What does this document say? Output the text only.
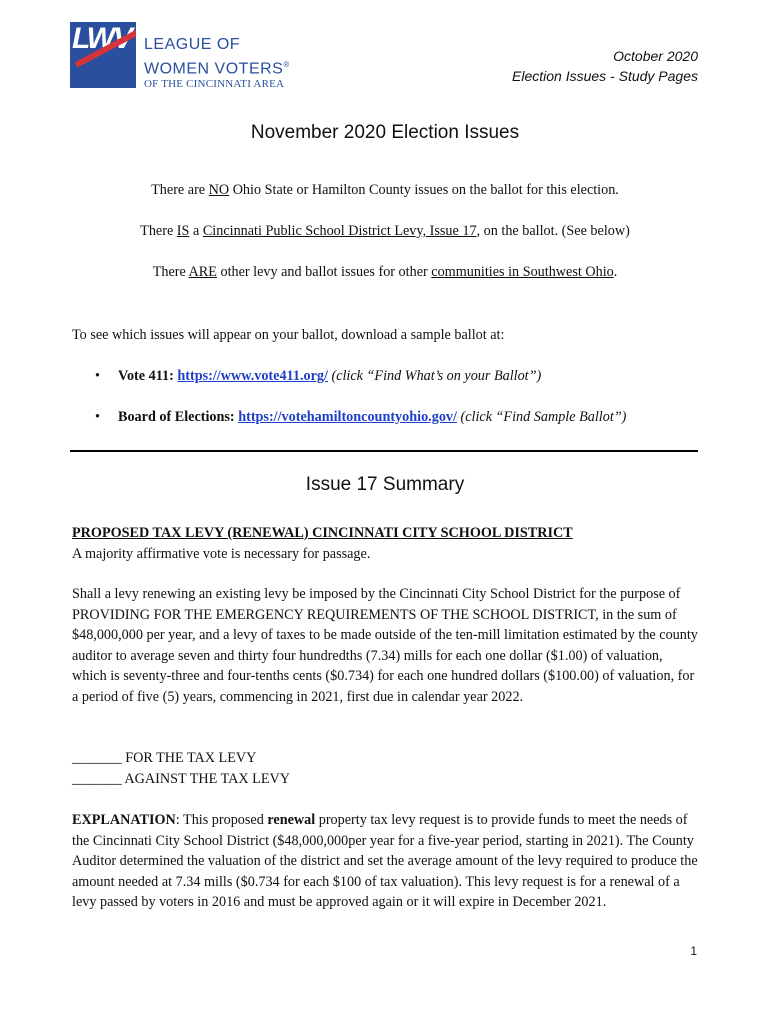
LWV LEAGUE OF
WOMEN VOTERS®
OF THE CINCINNATI AREA
October 2020
Election Issues - Study Pages
November 2020 Election Issues
There are NO Ohio State or Hamilton County issues on the ballot for this election.
There IS a Cincinnati Public School District Levy, Issue 17, on the ballot. (See below)
There ARE other levy and ballot issues for other communities in Southwest Ohio.
To see which issues will appear on your ballot, download a sample ballot at:
• Vote 411: https://www.vote411.org/ (click “Find What’s on your Ballot”)
• Board of Elections: https://votehamiltoncountyohio.gov/ (click “Find Sample Ballot”)
Issue 17 Summary
PROPOSED TAX LEVY (RENEWAL) CINCINNATI CITY SCHOOL DISTRICT
A majority affirmative vote is necessary for passage.
Shall a levy renewing an existing levy be imposed by the Cincinnati City School District for the purpose of PROVIDING FOR THE EMERGENCY REQUIREMENTS OF THE SCHOOL DISTRICT, in the sum of $48,000,000 per year, and a levy of taxes to be made outside of the ten-mill limitation estimated by the county auditor to average seven and thirty four hundredths (7.34) mills for each one dollar ($1.00) of valuation, which is seventy-three and four-tenths cents ($0.734) for each one hundred dollars ($100.00) of valuation, for a period of five (5) years, commencing in 2021, first due in calendar year 2022.
_______ FOR THE TAX LEVY
_______ AGAINST THE TAX LEVY
EXPLANATION: This proposed renewal property tax levy request is to provide funds to meet the needs of the Cincinnati City School District ($48,000,000per year for a five-year period, starting in 2021). The County Auditor determined the valuation of the district and set the average amount of the levy required to produce the amount needed at 7.34 mills ($0.734 for each $100 of tax valuation). This levy request is for a renewal of a levy passed by voters in 2016 and must be approved again or it will expire in December 2021.
1
